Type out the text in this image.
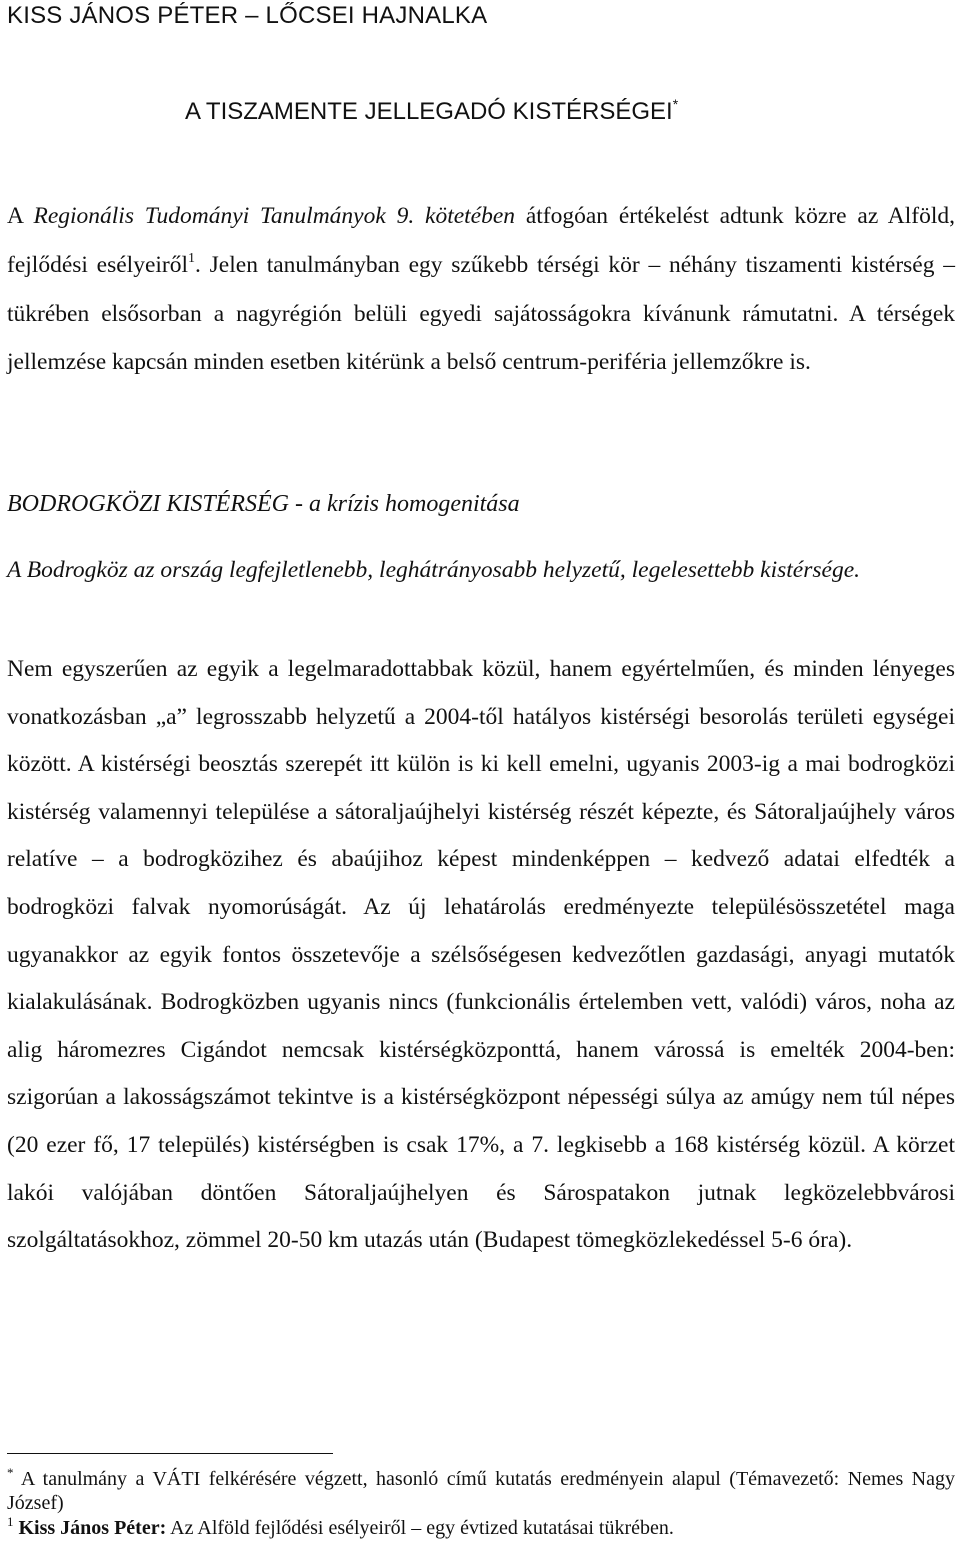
KISS JÁNOS PÉTER – LŐCSEI HAJNALKA
A TISZAMENTE JELLEGADÓ KISTÉRSÉGEI*

A Regionális Tudományi Tanulmányok 9. kötetében átfogóan értékelést adtunk közre az Alföld, fejlődési esélyeiről$^1$. Jelen tanulmányban egy szűkebb térségi kör – néhány tiszamenti kistérség – tükrében elsősorban a nagyrégión belüli egyedi sajátosságokra kívánunk rámutatni. A térségek jellemzése kapcsán minden esetben kitérünk a belső centrum-periféria jellemzőkre is.

BODROGKÖZI KISTÉRSÉG - a krízis homogenitása

A Bodrogköz az ország legfejletlenebb, leghátrányosabb helyzetű, legelesettebb kistérsége.

Nem egyszerűen az egyik a legelmaradottabbak közül, hanem egyértelműen, és minden lényeges vonatkozásban „a” legrosszabb helyzetű a 2004-től hatályos kistérségi besorolás területi egységei között. A kistérségi beosztás szerepét itt külön is ki kell emelni, ugyanis 2003-ig a mai bodrogközi kistérség valamennyi települése a sátoraljaújhelyi kistérség részét képezte, és Sátoraljaújhely város relatíve – a bodrogközihez és abaújihoz képest mindenképpen – kedvező adatai elfedték a bodrogközi falvak nyomorúságát. Az új lehatárolás eredményezte településösszetétel maga ugyanakkor az egyik fontos összetevője a szélsőségesen kedvezőtlen gazdasági, anyagi mutatók kialakulásának. Bodrogközben ugyanis nincs (funkcionális értelemben vett, valódi) város, noha az alig háromezres Cigándot nemcsak kistérségközponttá, hanem várossá is emelték 2004-ben: szigorúan a lakosságszámot tekintve is a kistérségközpont népességi súlya az amúgy nem túl népes (20 ezer fő, 17 település) kistérségben is csak 17%, a 7. legkisebb a 168 kistérség közül. A körzet lakói valójában döntően Sátoraljaújhelyen és Sárospatakon jutnak legközelebbvárosi szolgáltatásokhoz, zömmel 20-50 km utazás után (Budapest tömegközlekedéssel 5-6 óra).

* A tanulmány a VÁTI felkérésére végzett, hasonló című kutatás eredményein alapul (Témavezető: Nemes Nagy József)

$^1$ Kiss János Péter: Az Alföld fejlődési esélyeiről – egy évtized kutatásai tükrében.
